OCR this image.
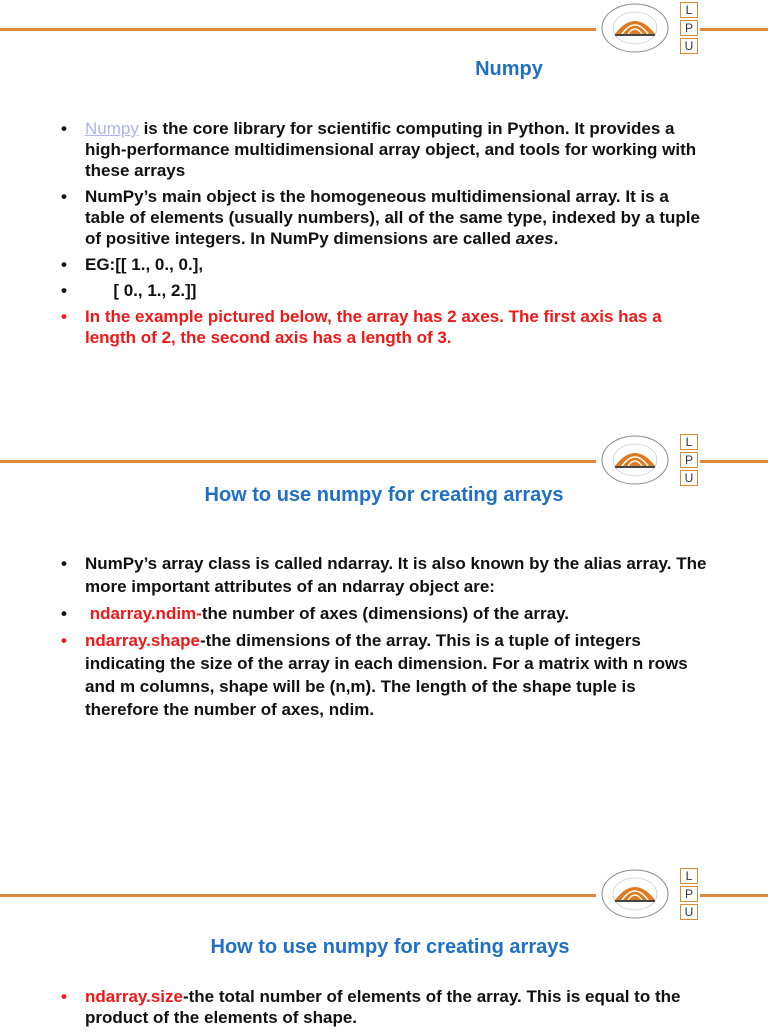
L
P
U
Numpy
• Numpy is the core library for scientific computing in Python. It provides a high-performance multidimensional array object, and tools for working with these arrays
• NumPy’s main object is the homogeneous multidimensional array. It is a table of elements (usually numbers), all of the same type, indexed by a tuple of positive integers. In NumPy dimensions are called axes.
• EG:[[ 1., 0., 0.],
•       [ 0., 1., 2.]]
• In the example pictured below, the array has 2 axes. The first axis has a length of 2, the second axis has a length of 3.
L
P
U
How to use numpy for creating arrays
• NumPy’s array class is called ndarray. It is also known by the alias array. The more important attributes of an ndarray object are:
•  ndarray.ndim-the number of axes (dimensions) of the array.
• ndarray.shape-the dimensions of the array. This is a tuple of integers indicating the size of the array in each dimension. For a matrix with n rows and m columns, shape will be (n,m). The length of the shape tuple is therefore the number of axes, ndim.
L
P
U
How to use numpy for creating arrays
• ndarray.size-the total number of elements of the array. This is equal to the product of the elements of shape.
